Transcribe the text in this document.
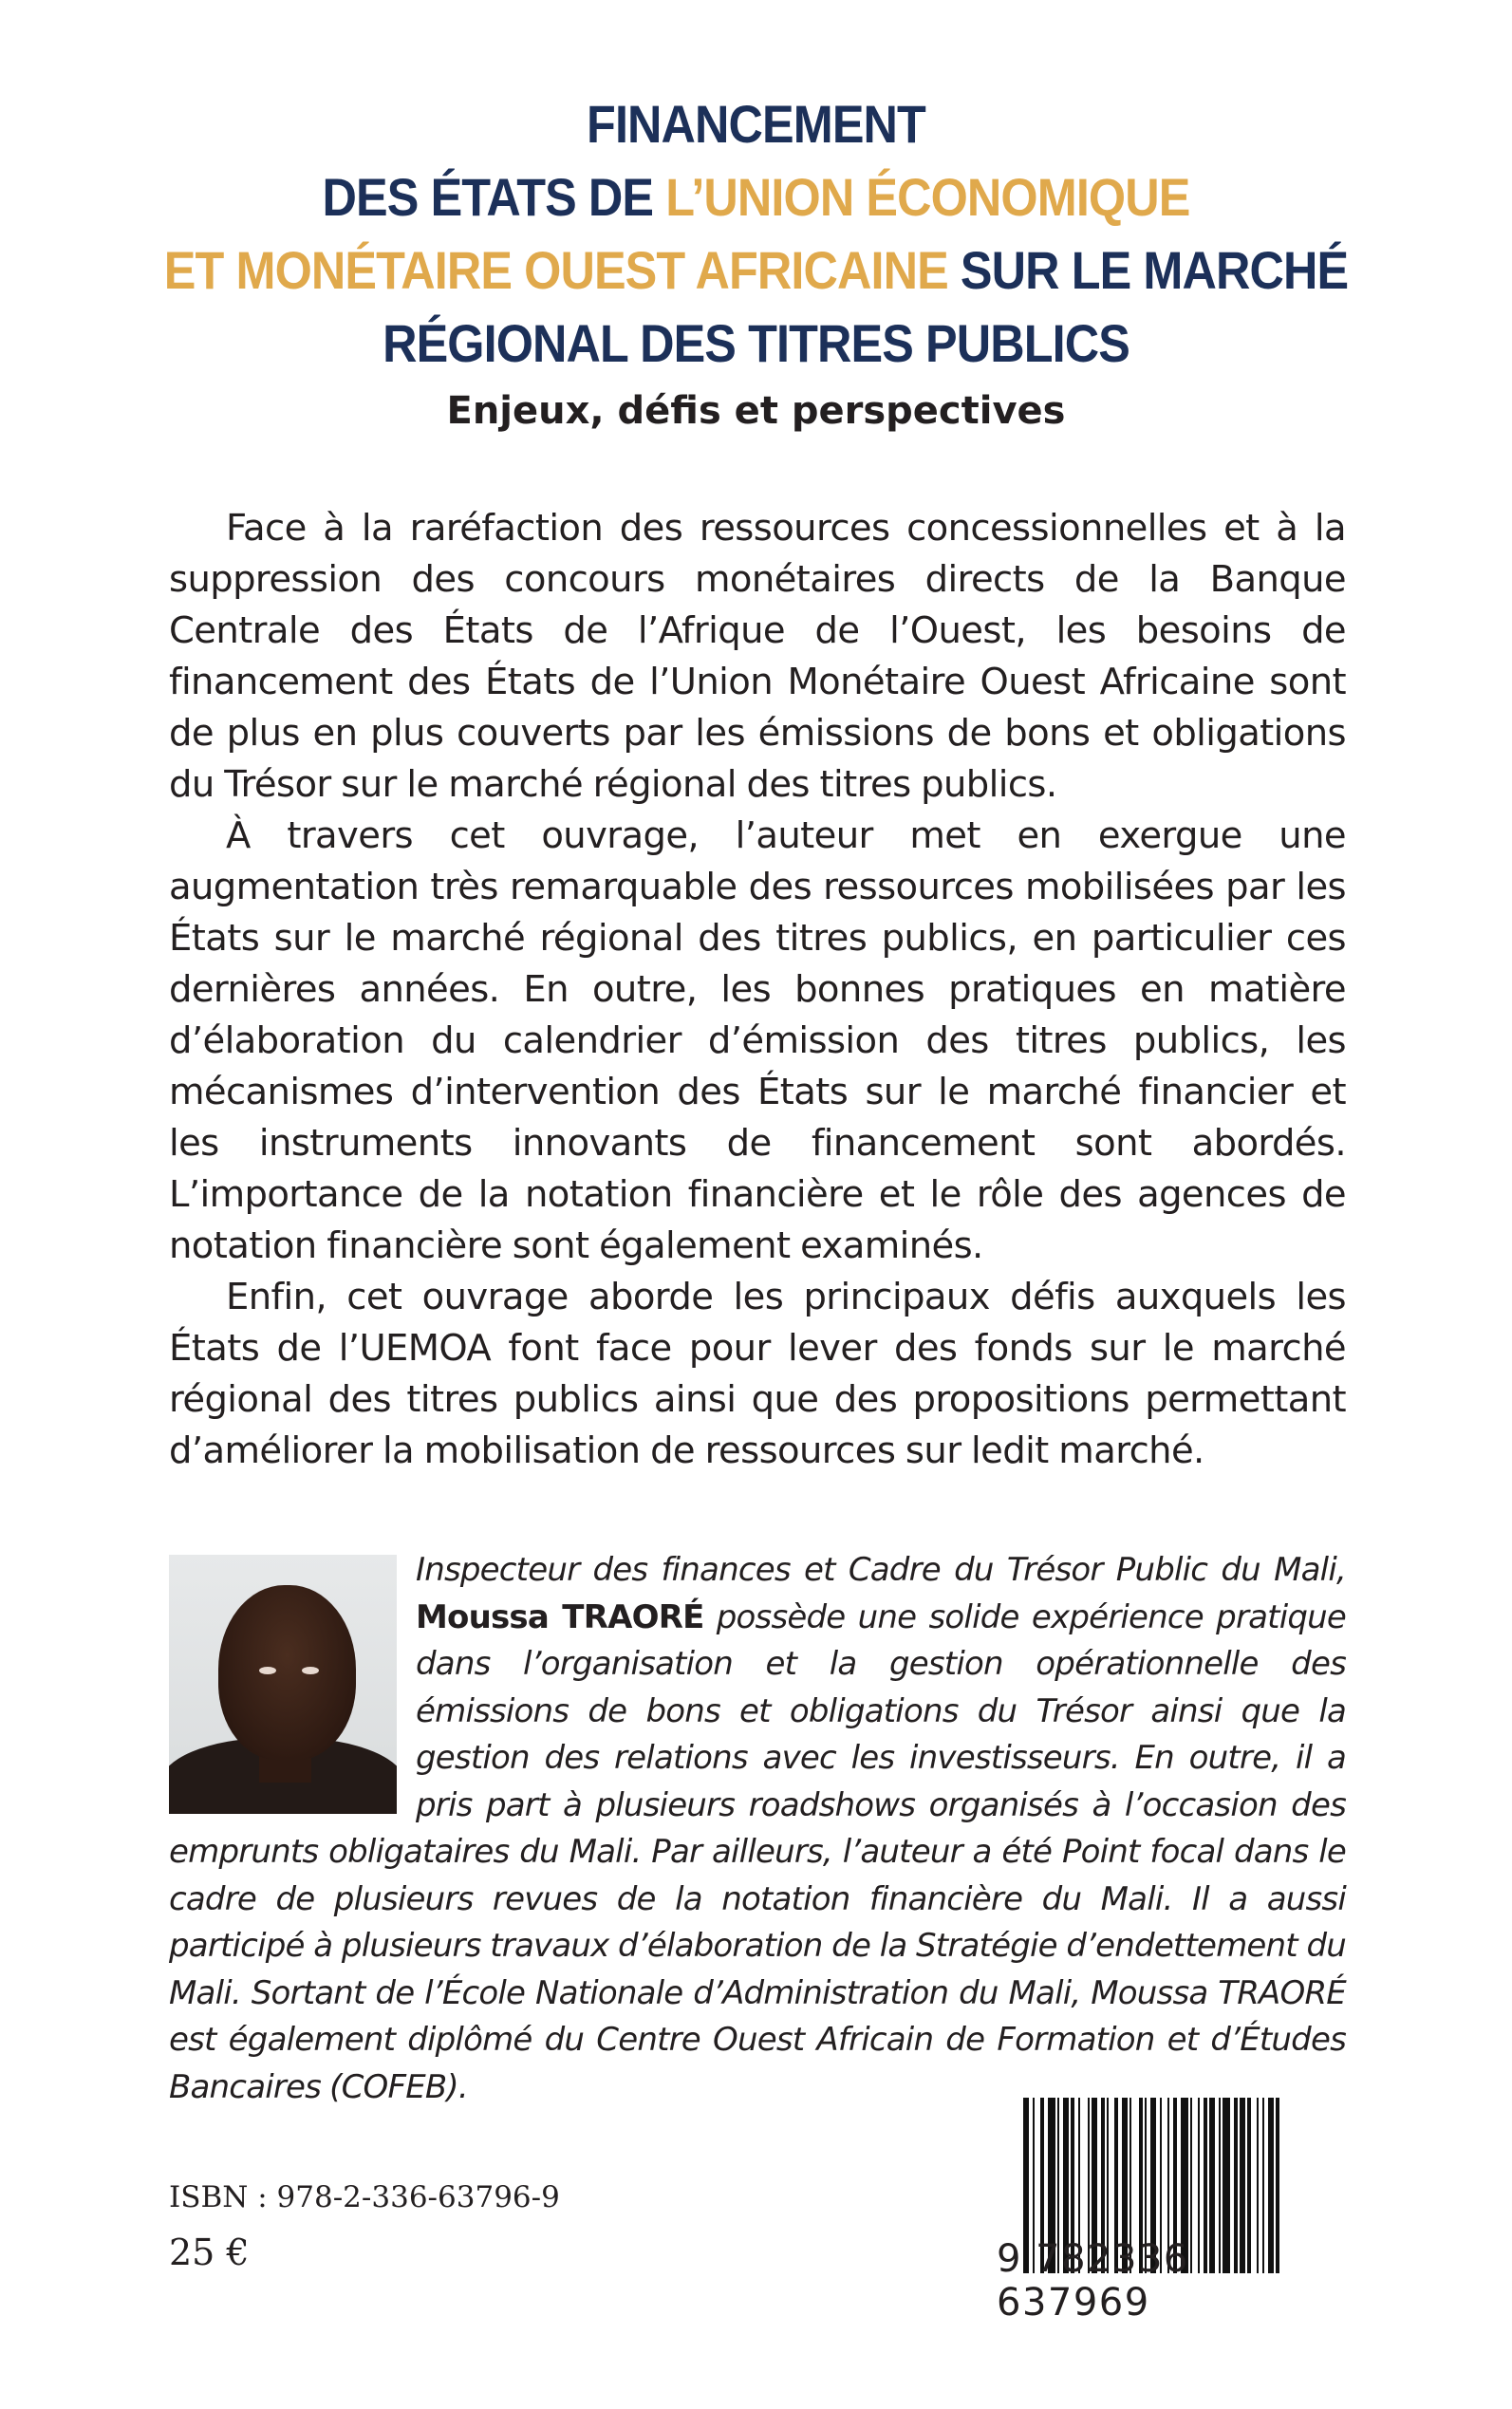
FINANCEMENT
DES ÉTATS DE L’UNION ÉCONOMIQUE
ET MONÉTAIRE OUEST AFRICAINE SUR LE MARCHÉ
RÉGIONAL DES TITRES PUBLICS
Enjeux, défis et perspectives

Face à la raréfaction des ressources concessionnelles et à la suppression des concours monétaires directs de la Banque Centrale des États de l’Afrique de l’Ouest, les besoins de financement des États de l’Union Monétaire Ouest Africaine sont de plus en plus couverts par les émissions de bons et obligations du Trésor sur le marché régional des titres publics.

À travers cet ouvrage, l’auteur met en exergue une augmentation très remarquable des ressources mobilisées par les États sur le marché régional des titres publics, en particulier ces dernières années. En outre, les bonnes pratiques en matière d’élaboration du calendrier d’émission des titres publics, les mécanismes d’intervention des États sur le marché financier et les instruments innovants de financement sont abordés. L’importance de la notation financière et le rôle des agences de notation financière sont également examinés.

Enfin, cet ouvrage aborde les principaux défis auxquels les États de l’UEMOA font face pour lever des fonds sur le marché régional des titres publics ainsi que des propositions permettant d’améliorer la mobilisation de ressources sur ledit marché.

Inspecteur des finances et Cadre du Trésor Public du Mali, Moussa TRAORÉ possède une solide expérience pratique dans l’organisation et la gestion opérationnelle des émissions de bons et obligations du Trésor ainsi que la gestion des relations avec les investisseurs. En outre, il a pris part à plusieurs roadshows organisés à l’occasion des emprunts obligataires du Mali. Par ailleurs, l’auteur a été Point focal dans le cadre de plusieurs revues de la notation financière du Mali. Il a aussi participé à plusieurs travaux d’élaboration de la Stratégie d’endettement du Mali. Sortant de l’École Nationale d’Administration du Mali, Moussa TRAORÉ est également diplômé du Centre Ouest Africain de Formation et d’Études Bancaires (COFEB).
ISBN : 978-2-336-63796-9
25 €	9 782336 637969
